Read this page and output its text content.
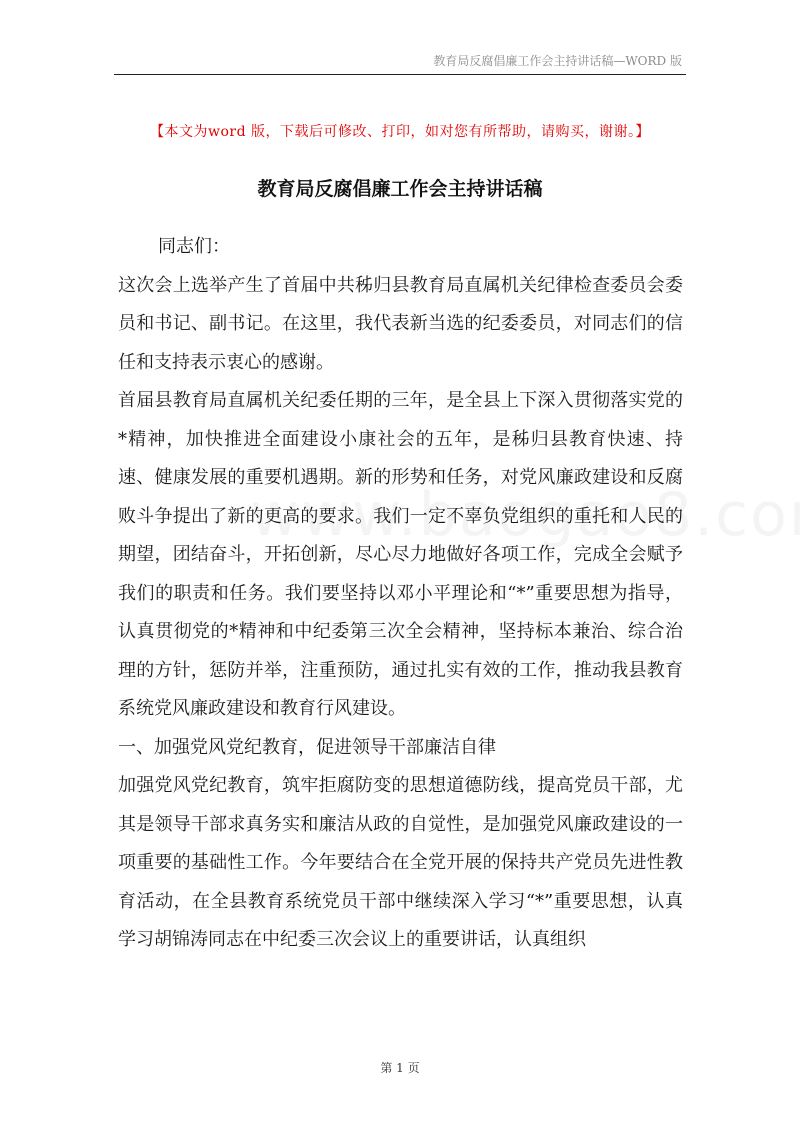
教育局反腐倡廉工作会主持讲话稿—WORD 版
【本文为word 版，下载后可修改、打印，如对您有所帮助，请购买，谢谢。】
教育局反腐倡廉工作会主持讲话稿

同志们：

这次会上选举产生了首届中共秭归县教育局直属机关纪律检查委员会委员和书记、副书记。在这里，我代表新当选的纪委委员，对同志们的信任和支持表示衷心的感谢。

首届县教育局直属机关纪委任期的三年，是全县上下深入贯彻落实党的*精神，加快推进全面建设小康社会的五年，是秭归县教育快速、持速、健康发展的重要机遇期。新的形势和任务，对党风廉政建设和反腐败斗争提出了新的更高的要求。我们一定不辜负党组织的重托和人民的期望，团结奋斗，开拓创新，尽心尽力地做好各项工作，完成全会赋予我们的职责和任务。我们要坚持以邓小平理论和“*”重要思想为指导，认真贯彻党的*精神和中纪委第三次全会精神，坚持标本兼治、综合治理的方针，惩防并举，注重预防，通过扎实有效的工作，推动我县教育系统党风廉政建设和教育行风建设。

一、加强党风党纪教育，促进领导干部廉洁自律

加强党风党纪教育，筑牢拒腐防变的思想道德防线，提高党员干部，尤其是领导干部求真务实和廉洁从政的自觉性，是加强党风廉政建设的一项重要的基础性工作。今年要结合在全党开展的保持共产党员先进性教育活动，在全县教育系统党员干部中继续深入学习“*”重要思想，认真学习胡锦涛同志在中纪委三次会议上的重要讲话，认真组织

第 1 页
